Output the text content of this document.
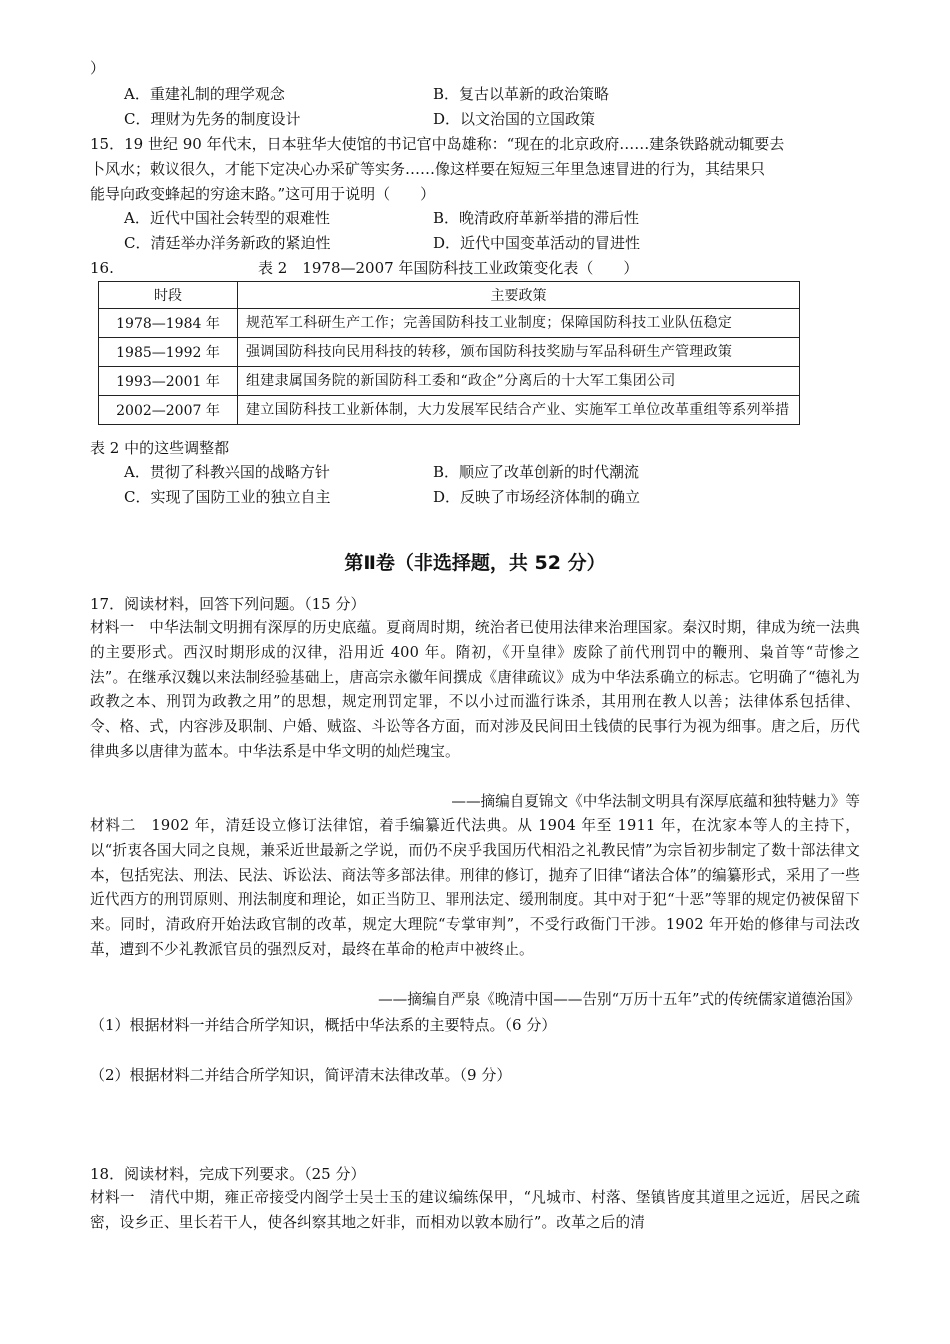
）
A．重建礼制的理学观念	B．复古以革新的政治策略
C．理财为先务的制度设计	D．以文治国的立国政策
15．19 世纪 90 年代末，日本驻华大使馆的书记官中岛雄称：“现在的北京政府……建条铁路就动辄要去
卜风水；敕议很久，才能下定决心办采矿等实务……像这样要在短短三年里急速冒进的行为，其结果只
能导向政变蜂起的穷途末路。”这可用于说明（　　）
A．近代中国社会转型的艰难性	B．晚清政府革新举措的滞后性
C．清廷举办洋务新政的紧迫性	D．近代中国变革活动的冒进性
16.	表 2　1978—2007 年国防科技工业政策变化表（　　）
时段	主要政策
1978—1984 年	规范军工科研生产工作；完善国防科技工业制度；保障国防科技工业队伍稳定
1985—1992 年	强调国防科技向民用科技的转移，颁布国防科技奖励与军品科研生产管理政策
1993—2001 年	组建隶属国务院的新国防科工委和“政企”分离后的十大军工集团公司
2002—2007 年	建立国防科技工业新体制，大力发展军民结合产业、实施军工单位改革重组等系列举措
表 2 中的这些调整都
A．贯彻了科教兴国的战略方针	B．顺应了改革创新的时代潮流
C．实现了国防工业的独立自主	D．反映了市场经济体制的确立
第Ⅱ卷（非选择题，共 52 分）
17．阅读材料，回答下列问题。（15 分）
材料一　中华法制文明拥有深厚的历史底蕴。夏商周时期，统治者已使用法律来治理国家。秦汉时期，律成为统一法典的主要形式。西汉时期形成的汉律，沿用近 400 年。隋初，《开皇律》废除了前代刑罚中的鞭刑、枭首等“苛惨之法”。在继承汉魏以来法制经验基础上，唐高宗永徽年间撰成《唐律疏议》成为中华法系确立的标志。它明确了“德礼为政教之本、刑罚为政教之用”的思想，规定刑罚定罪，不以小过而滥行诛杀，其用刑在教人以善；法律体系包括律、令、格、式，内容涉及职制、户婚、贼盗、斗讼等各方面，而对涉及民间田土钱债的民事行为视为细事。唐之后，历代律典多以唐律为蓝本。中华法系是中华文明的灿烂瑰宝。
——摘编自夏锦文《中华法制文明具有深厚底蕴和独特魅力》等
材料二　1902 年，清廷设立修订法律馆，着手编纂近代法典。从 1904 年至 1911 年，在沈家本等人的主持下，以“折衷各国大同之良规，兼采近世最新之学说，而仍不戾乎我国历代相沿之礼教民情”为宗旨初步制定了数十部法律文本，包括宪法、刑法、民法、诉讼法、商法等多部法律。刑律的修订，抛弃了旧律“诸法合体”的编纂形式，采用了一些近代西方的刑罚原则、刑法制度和理论，如正当防卫、罪刑法定、缓刑制度。其中对于犯“十恶”等罪的规定仍被保留下来。同时，清政府开始法政官制的改革，规定大理院“专掌审判”，不受行政衙门干涉。1902 年开始的修律与司法改革，遭到不少礼教派官员的强烈反对，最终在革命的枪声中被终止。
——摘编自严泉《晚清中国——告别“万历十五年”式的传统儒家道德治国》
（1）根据材料一并结合所学知识，概括中华法系的主要特点。（6 分）
（2）根据材料二并结合所学知识，简评清末法律改革。（9 分）
18．阅读材料，完成下列要求。（25 分）
材料一　清代中期，雍正帝接受内阁学士吴士玉的建议编练保甲，“凡城市、村落、堡镇皆度其道里之远近，居民之疏密，设乡正、里长若干人，使各纠察其地之奸非，而相劝以敦本励行”。改革之后的清
